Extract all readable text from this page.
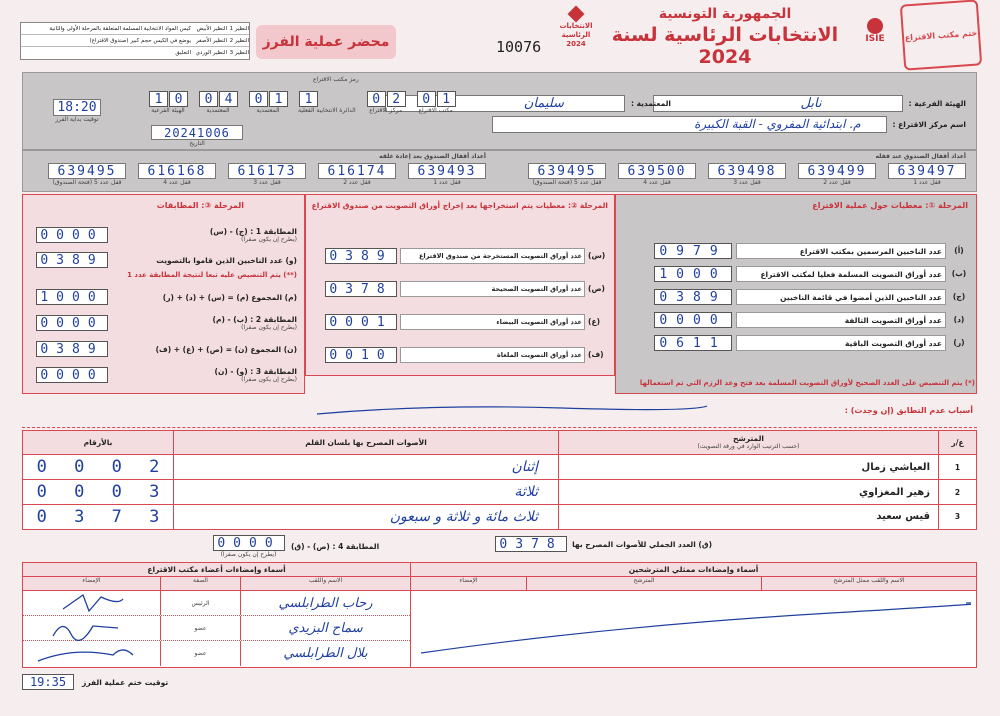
ختم مكتب الاقتراع
ISIE
الجمهورية التونسية
الانتخابات الرئاسية لسنة 2024
الانتخابات الرئاسية 2024
10076
محضر عملية الفرز
النظير 1
النظير الأبيض
كيس المواد الانتخابية المسلمة المتعلقة بالمرحلة الأولى والثانية
النظير 2
النظير الأصفر
يوضع في الكيس حجم كبير (صندوق الاقتراع)
النظير 3
النظير الوردي
التعليق
الهيئة الفرعية :
نابل
المعتمدية :
سليمان
اسم مركز الاقتراع :
م. ابتدائية المفروي - القبة الكبيرة
رمز مكتب الاقتراع
1 0
الهيئة الفرعية
0 4
المعتمدية
0 1
المعتمدية
1
الدائرة الانتخابية الفعلية
0 2
مركز الاقتراع
0 1
مكتب الاقتراع
20241006
التاريخ
18:20
توقيت بداية الفرز
أعداد أقفال الصندوق عند قفله
أعداد أقفال الصندوق بعد إعادة غلقه
639497
قفل عدد 1
639499
قفل عدد 2
639498
قفل عدد 3
639500
قفل عدد 4
639495
قفل عدد 5 (فتحة الصندوق)
639493
قفل عدد 1
616174
قفل عدد 2
616173
قفل عدد 3
616168
قفل عدد 4
639495
قفل عدد 5 (فتحة الصندوق)
المرحلة ①: معطيات حول عملية الاقتراع
(أ)
عدد الناخبين المرسمين بمكتب الاقتراع
0979
(ب)
عدد أوراق التصويت المسلمة فعليا لمكتب الاقتراع
1000
(ج)
عدد الناخبين الذين أمضوا في قائمة الناخبين
0389
(د)
عدد أوراق التصويت التالفة
0000
(ر)
عدد أوراق التصويت الباقية
0611
(*) يتم التنصيص على العدد الصحيح لأوراق التصويت المسلمة بعد فتح وعد الرزم التي تم استعمالها
المرحلة ②: معطيات يتم استخراجها بعد إخراج أوراق التصويت من صندوق الاقتراع
(س)
عدد أوراق التصويت المستخرجة من صندوق الاقتراع
0389
(ص)
عدد أوراق التصويت الصحيحة
0378
(ع)
عدد أوراق التصويت البيضاء
0001
(ف)
عدد أوراق التصويت الملغاة
0010
المرحلة ③: المطابقات
0000	المطابقة 1 : (ج) - (س)
(يطرح إن يكون صفرا)
0389	(و) عدد الناخبين الذين قاموا بالتصويت
(**) يتم التنصيص عليه تبعا لنتيجة المطابقة عدد 1
1000	(م) المجموع (م) = (س) + (د) + (ر)
0000	المطابقة 2 : (ب) - (م)
(يطرح إن يكون صفرا)
0389	(ن) المجموع (ن) = (ص) + (ع) + (ف)
0000	المطابقة 3 : (و) - (ن)
(يطرح إن يكون صفرا)
أسباب عدم التطابق (إن وجدت) :
ع/ر
المترشح
(حسب الترتيب الوارد في ورقة التصويت)
الأصوات المصرح بها بلسان القلم
بالأرقام
1
العياشي زمال
إثنان
0 0 0 2
2
زهير المغزاوي
ثلاثة
0 0 0 3
3
قيس سعيد
ثلاث مائة و ثلاثة و سبعون
0 3 7 3
(ق) العدد الجملي للأصوات المصرح بها
0378
0000
(يطرح إن يكون صفرا)
المطابقة 4 : (ص) - (ق)
أسماء وإمضاءات ممثلي المترشحين
الاسم واللقب ممثل المترشح
المترشح
الإمضاء
أسماء وإمضاءات أعضاء مكتب الاقتراع
الاسم واللقب
الصفة
الإمضاء
رحاب الطرابلسي
الرئيس
سماح البزيدي
عضو
بلال الطرابلسي
عضو
19:35	توقيت ختم عملية الفرز
